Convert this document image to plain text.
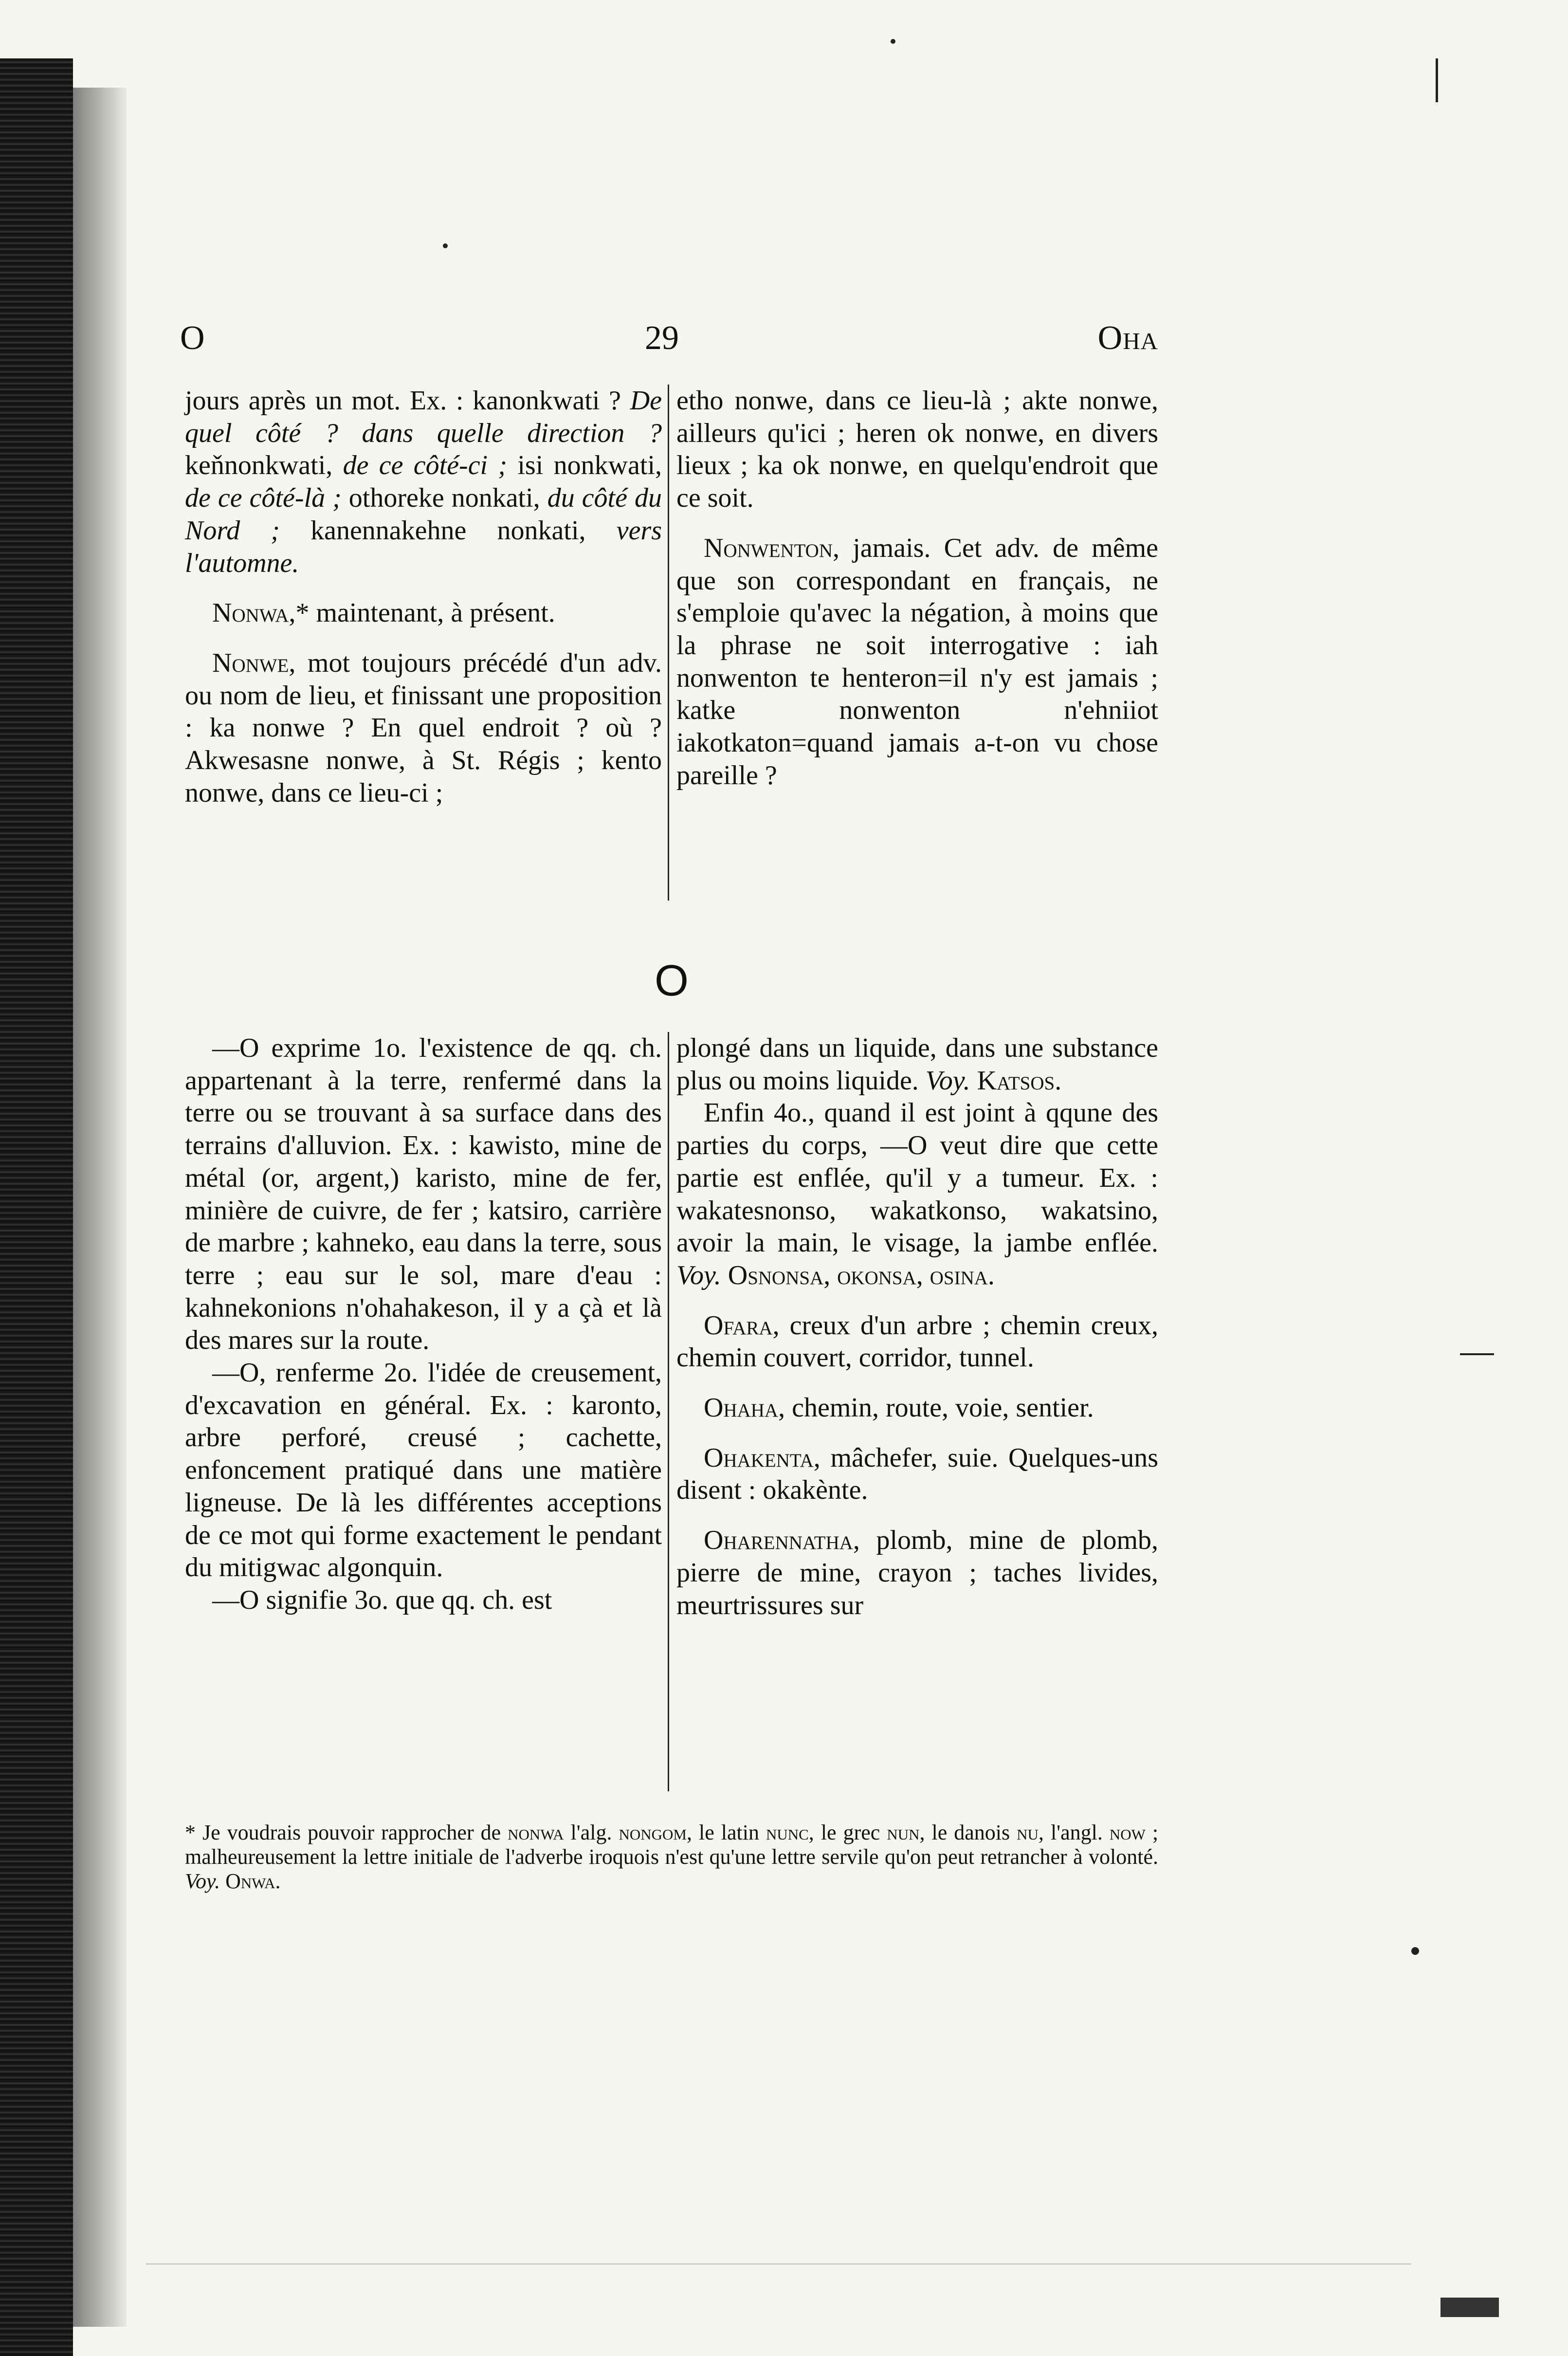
O	29	Oha

jours après un mot. Ex. : kanonkwati ? De quel côté ? dans quelle direction ? keňnonkwati, de ce côté-ci ; isi nonkwati, de ce côté-là ; othoreke nonkati, du côté du Nord ; kanennakehne nonkati, vers l'automne.

Nonwa,* maintenant, à présent.

Nonwe, mot toujours précédé d'un adv. ou nom de lieu, et finissant une proposition : ka nonwe ? En quel endroit ? où ? Akwesasne nonwe, à St. Régis ; kento nonwe, dans ce lieu-ci ;

etho nonwe, dans ce lieu-là ; akte nonwe, ailleurs qu'ici ; heren ok nonwe, en divers lieux ; ka ok nonwe, en quelqu'endroit que ce soit.

Nonwenton, jamais. Cet adv. de même que son correspondant en français, ne s'emploie qu'avec la négation, à moins que la phrase ne soit interrogative : iah nonwenton te henteron=il n'y est jamais ; katke nonwenton n'ehniiot iakotkaton=quand jamais a-t-on vu chose pareille ?

O

—O exprime 1o. l'existence de qq. ch. appartenant à la terre, renfermé dans la terre ou se trouvant à sa surface dans des terrains d'alluvion. Ex. : kawisto, mine de métal (or, argent,) karisto, mine de fer, minière de cuivre, de fer ; katsiro, carrière de marbre ; kahneko, eau dans la terre, sous terre ; eau sur le sol, mare d'eau : kahnekonions n'ohahakeson, il y a çà et là des mares sur la route.

—O, renferme 2o. l'idée de creusement, d'excavation en général. Ex. : karonto, arbre perforé, creusé ; cachette, enfoncement pratiqué dans une matière ligneuse. De là les différentes acceptions de ce mot qui forme exactement le pendant du mitigwac algonquin.

—O signifie 3o. que qq. ch. est

plongé dans un liquide, dans une substance plus ou moins liquide. Voy. Katsos.

Enfin 4o., quand il est joint à qqune des parties du corps, —O veut dire que cette partie est enflée, qu'il y a tumeur. Ex. : wakatesnonso, wakatkonso, wakatsino, avoir la main, le visage, la jambe enflée. Voy. Osnonsa, okonsa, osina.

Ofara, creux d'un arbre ; chemin creux, chemin couvert, corridor, tunnel.

Ohaha, chemin, route, voie, sentier.

Ohakenta, mâchefer, suie. Quelques-uns disent : okakènte.

Oharennatha, plomb, mine de plomb, pierre de mine, crayon ; taches livides, meurtrissures sur

* Je voudrais pouvoir rapprocher de nonwa l'alg. nongom, le latin nunc, le grec nun, le danois nu, l'angl. now ; malheureusement la lettre initiale de l'adverbe iroquois n'est qu'une lettre servile qu'on peut retrancher à volonté. Voy. Onwa.
